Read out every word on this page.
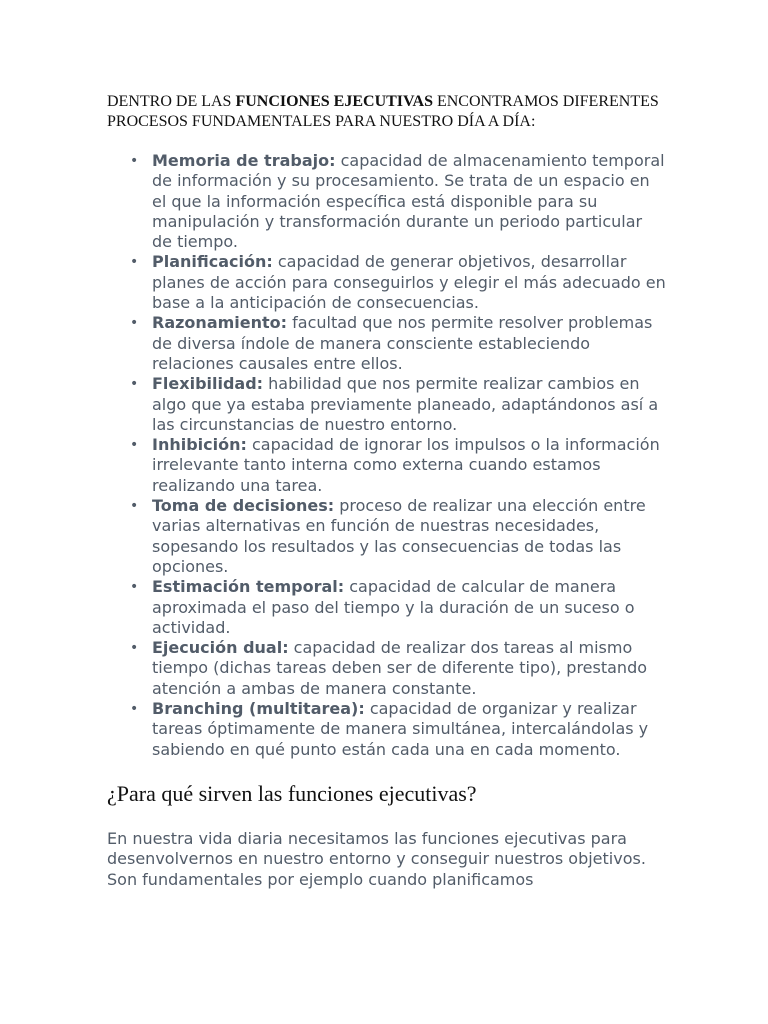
DENTRO DE LAS FUNCIONES EJECUTIVAS ENCONTRAMOS DIFERENTES PROCESOS FUNDAMENTALES PARA NUESTRO DÍA A DÍA:

• Memoria de trabajo: capacidad de almacenamiento temporal de información y su procesamiento. Se trata de un espacio en el que la información específica está disponible para su manipulación y transformación durante un periodo particular de tiempo.
• Planificación: capacidad de generar objetivos, desarrollar planes de acción para conseguirlos y elegir el más adecuado en base a la anticipación de consecuencias.
• Razonamiento: facultad que nos permite resolver problemas de diversa índole de manera consciente estableciendo relaciones causales entre ellos.
• Flexibilidad: habilidad que nos permite realizar cambios en algo que ya estaba previamente planeado, adaptándonos así a las circunstancias de nuestro entorno.
• Inhibición: capacidad de ignorar los impulsos o la información irrelevante tanto interna como externa cuando estamos realizando una tarea.
• Toma de decisiones: proceso de realizar una elección entre varias alternativas en función de nuestras necesidades, sopesando los resultados y las consecuencias de todas las opciones.
• Estimación temporal: capacidad de calcular de manera aproximada el paso del tiempo y la duración de un suceso o actividad.
• Ejecución dual: capacidad de realizar dos tareas al mismo tiempo (dichas tareas deben ser de diferente tipo), prestando atención a ambas de manera constante.
• Branching (multitarea): capacidad de organizar y realizar tareas óptimamente de manera simultánea, intercalándolas y sabiendo en qué punto están cada una en cada momento.
¿Para qué sirven las funciones ejecutivas?

En nuestra vida diaria necesitamos las funciones ejecutivas para desenvolvernos en nuestro entorno y conseguir nuestros objetivos. Son fundamentales por ejemplo cuando planificamos
